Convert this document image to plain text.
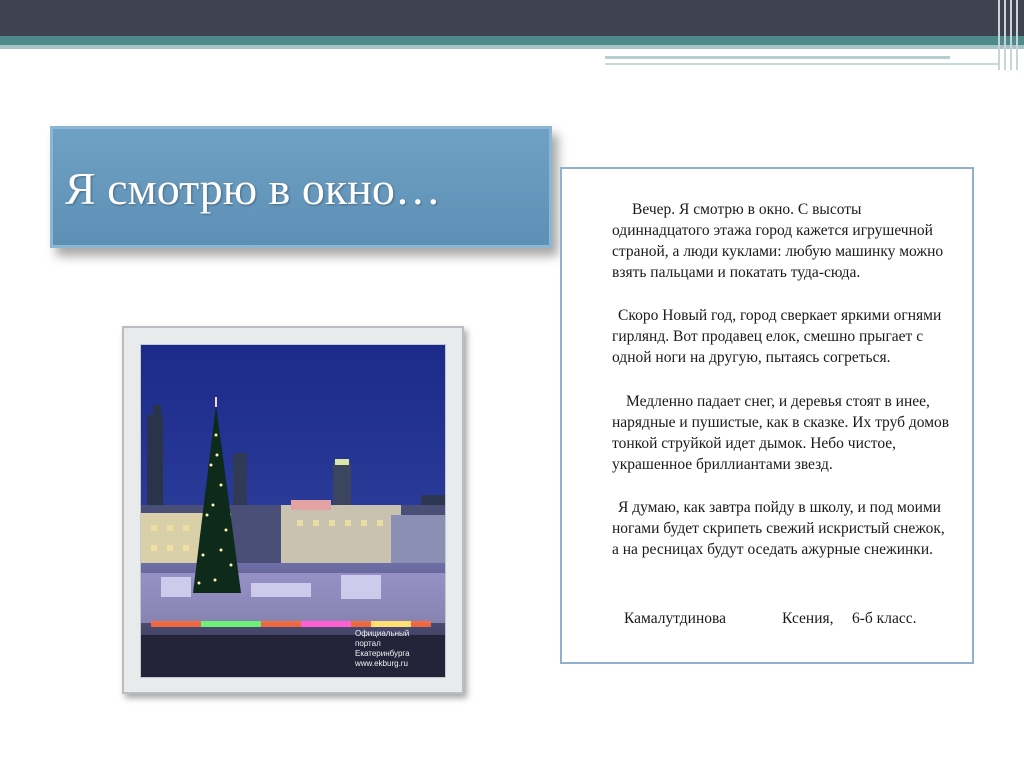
Я смотрю в окно…
Официальный портал Екатеринбурга www.ekburg.ru

Вечер. Я смотрю в окно. С высоты одиннадцатого этажа город кажется игрушечной страной, а люди куклами: любую машинку можно взять пальцами и покатать туда-сюда.

Скоро Новый год, город сверкает яркими огнями гирлянд. Вот продавец елок, смешно прыгает с одной ноги на другую, пытаясь согреться.

Медленно падает снег, и деревья стоят в инее, нарядные и пушистые, как в сказке. Их труб домов тонкой струйкой идет дымок. Небо чистое, украшенное бриллиантами звезд.

Я думаю, как завтра пойду в школу, и под моими ногами будет скрипеть свежий искристый снежок, а на ресницах будут оседать ажурные снежинки.

Камалутдинова	Ксения, 6-б класс.
